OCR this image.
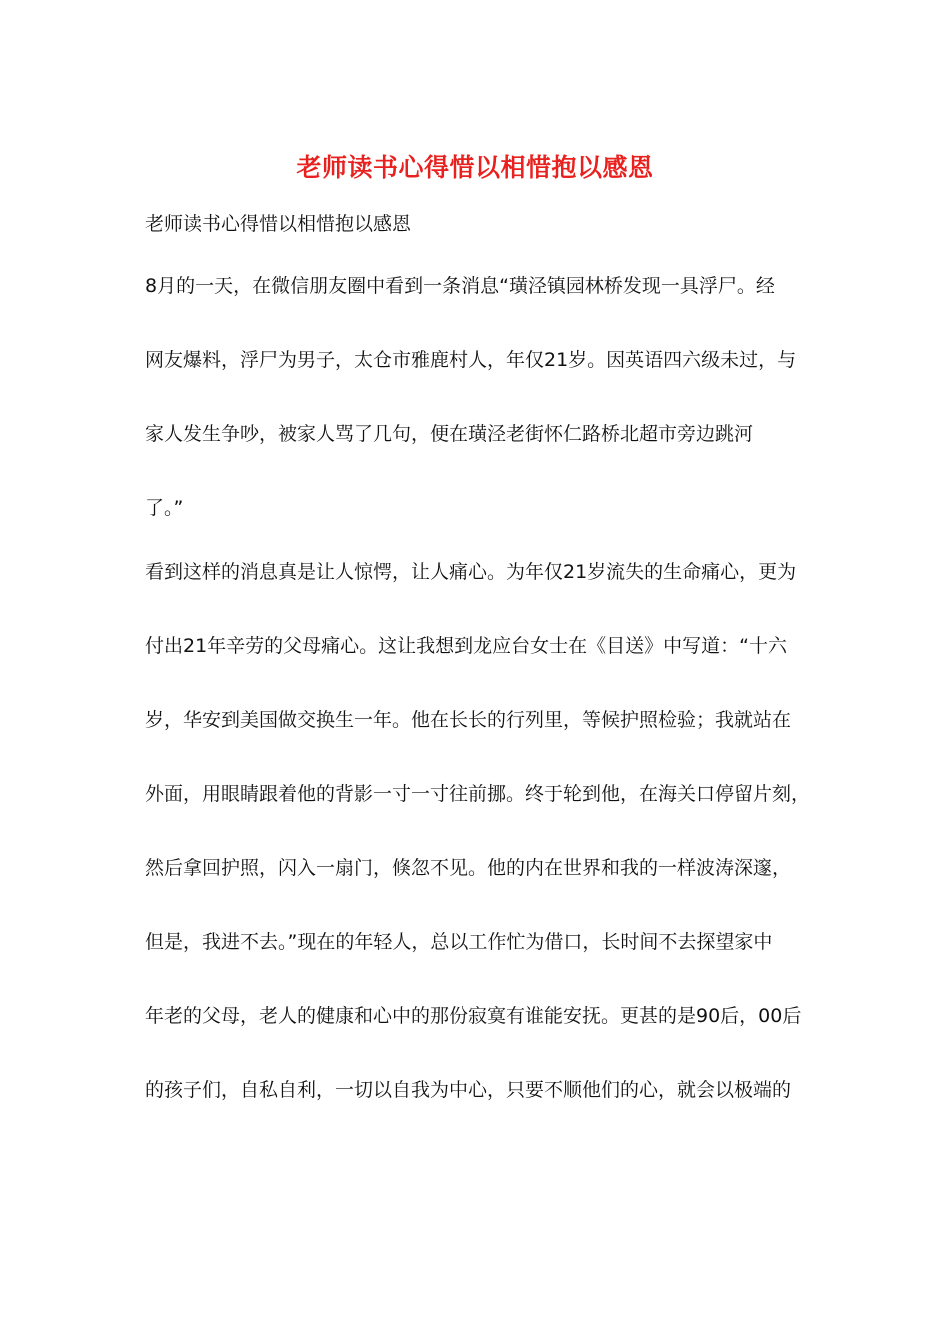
老师读书心得惜以相惜抱以感恩

老师读书心得惜以相惜抱以感恩

8月的一天，在微信朋友圈中看到一条消息“璜泾镇园林桥发现一具浮尸。经

网友爆料，浮尸为男子，太仓市雅鹿村人，年仅21岁。因英语四六级未过，与

家人发生争吵，被家人骂了几句，便在璜泾老街怀仁路桥北超市旁边跳河

了。”

看到这样的消息真是让人惊愕，让人痛心。为年仅21岁流失的生命痛心，更为

付出21年辛劳的父母痛心。这让我想到龙应台女士在《目送》中写道：“十六

岁，华安到美国做交换生一年。他在长长的行列里，等候护照检验；我就站在

外面，用眼睛跟着他的背影一寸一寸往前挪。终于轮到他，在海关口停留片刻，

然后拿回护照，闪入一扇门，倏忽不见。他的内在世界和我的一样波涛深邃，

但是，我进不去。”现在的年轻人，总以工作忙为借口，长时间不去探望家中

年老的父母，老人的健康和心中的那份寂寞有谁能安抚。更甚的是90后，00后

的孩子们，自私自利，一切以自我为中心，只要不顺他们的心，就会以极端的
